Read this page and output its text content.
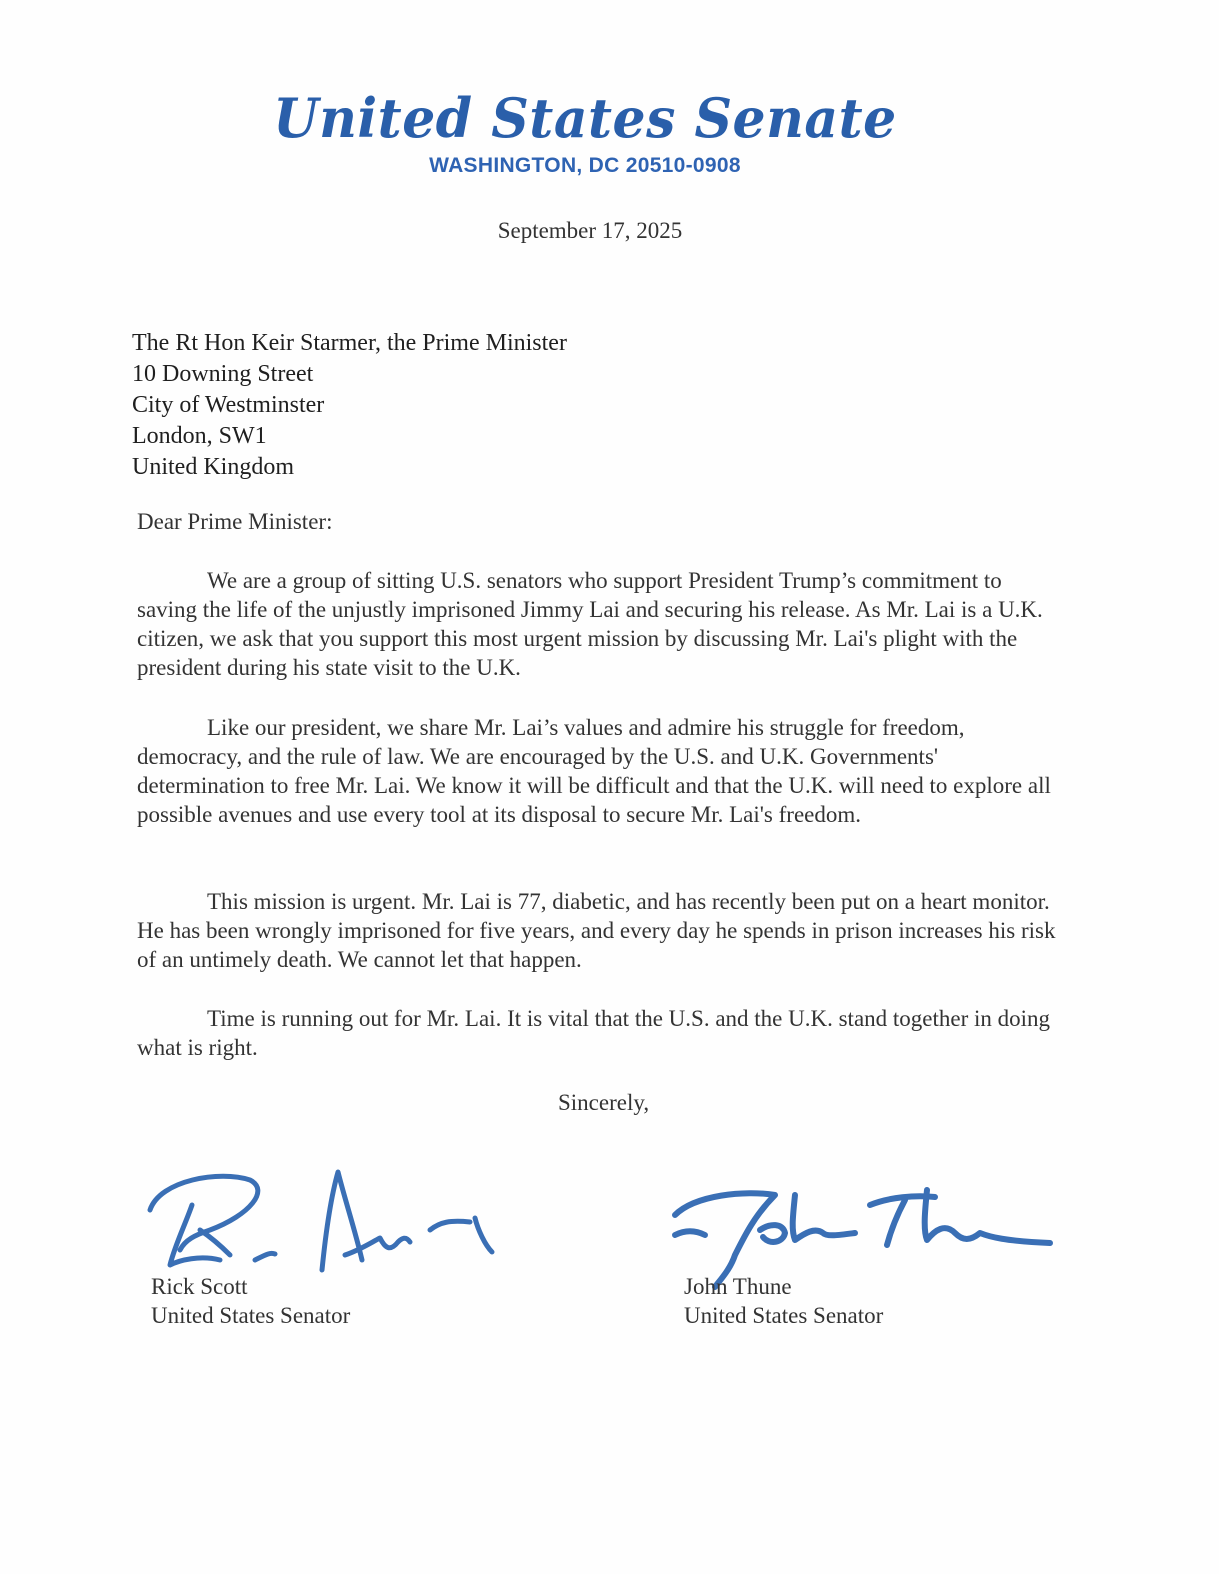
United States Senate
WASHINGTON, DC 20510-0908
September 17, 2025
The Rt Hon Keir Starmer, the Prime Minister
10 Downing Street
City of Westminster
London, SW1
United Kingdom
Dear Prime Minister:

We are a group of sitting U.S. senators who support President Trump’s commitment to saving the life of the unjustly imprisoned Jimmy Lai and securing his release. As Mr. Lai is a U.K. citizen, we ask that you support this most urgent mission by discussing Mr. Lai's plight with the president during his state visit to the U.K.

Like our president, we share Mr. Lai’s values and admire his struggle for freedom, democracy, and the rule of law. We are encouraged by the U.S. and U.K. Governments' determination to free Mr. Lai. We know it will be difficult and that the U.K. will need to explore all possible avenues and use every tool at its disposal to secure Mr. Lai's freedom.

This mission is urgent. Mr. Lai is 77, diabetic, and has recently been put on a heart monitor. He has been wrongly imprisoned for five years, and every day he spends in prison increases his risk of an untimely death. We cannot let that happen.

Time is running out for Mr. Lai. It is vital that the U.S. and the U.K. stand together in doing what is right.

Sincerely,
Rick Scott
United States Senator
John Thune
United States Senator
